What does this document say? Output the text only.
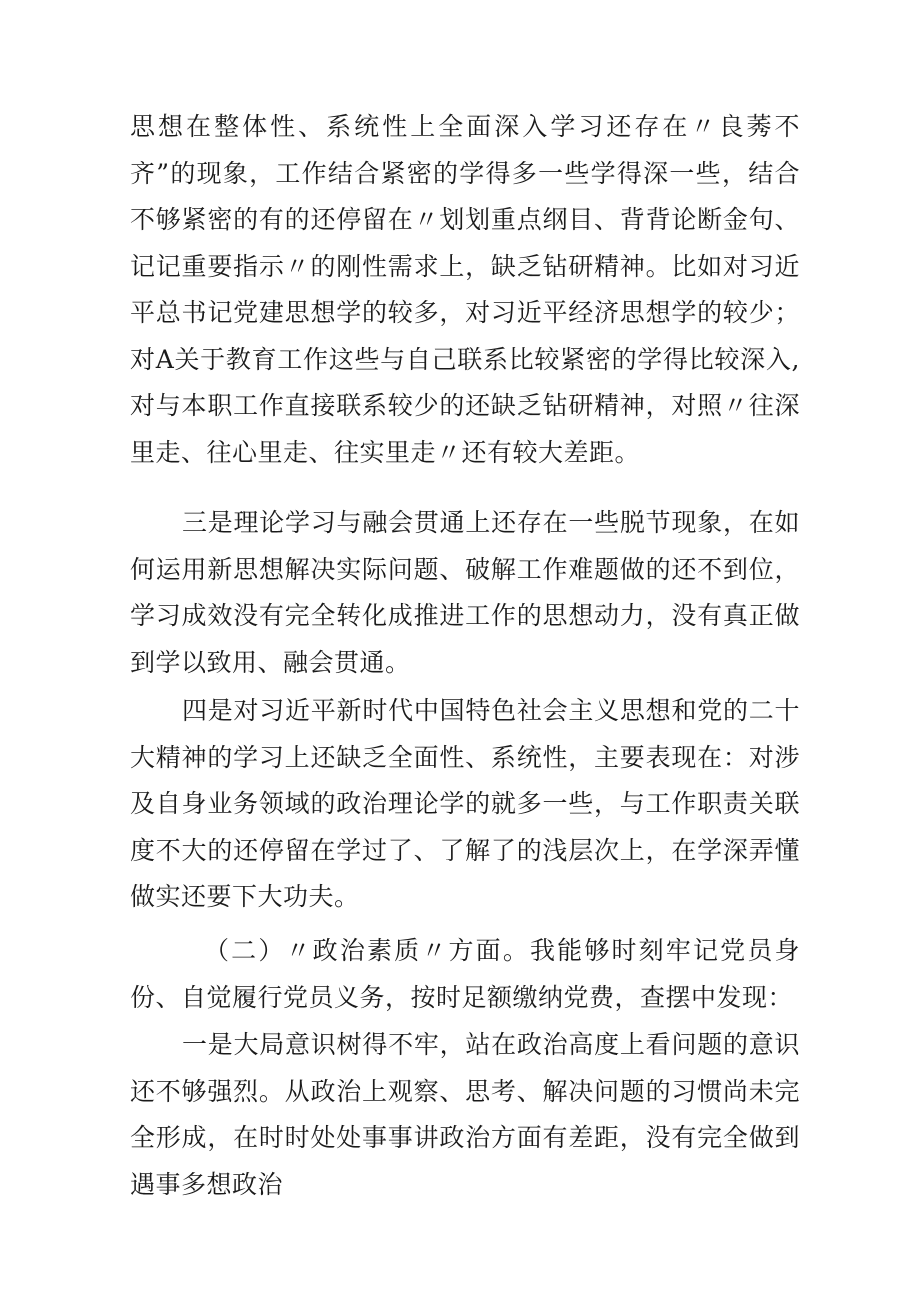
思想在整体性、系统性上全面深入学习还存在〃良莠不齐”的现象，工作结合紧密的学得多一些学得深一些，结合不够紧密的有的还停留在〃划划重点纲目、背背论断金句、记记重要指示〃的刚性需求上，缺乏钻研精神。比如对习近平总书记党建思想学的较多，对习近平经济思想学的较少；对A关于教育工作这些与自己联系比较紧密的学得比较深入,对与本职工作直接联系较少的还缺乏钻研精神，对照〃往深里走、往心里走、往实里走〃还有较大差距。

三是理论学习与融会贯通上还存在一些脱节现象，在如何运用新思想解决实际问题、破解工作难题做的还不到位，学习成效没有完全转化成推进工作的思想动力，没有真正做到学以致用、融会贯通。

四是对习近平新时代中国特色社会主义思想和党的二十大精神的学习上还缺乏全面性、系统性，主要表现在：对涉及自身业务领域的政治理论学的就多一些，与工作职责关联度不大的还停留在学过了、了解了的浅层次上，在学深弄懂做实还要下大功夫。

（二）〃政治素质〃方面。我能够时刻牢记党员身份、自觉履行党员义务，按时足额缴纳党费，查摆中发现：

一是大局意识树得不牢，站在政治高度上看问题的意识还不够强烈。从政治上观察、思考、解决问题的习惯尚未完全形成，在时时处处事事讲政治方面有差距，没有完全做到遇事多想政治
